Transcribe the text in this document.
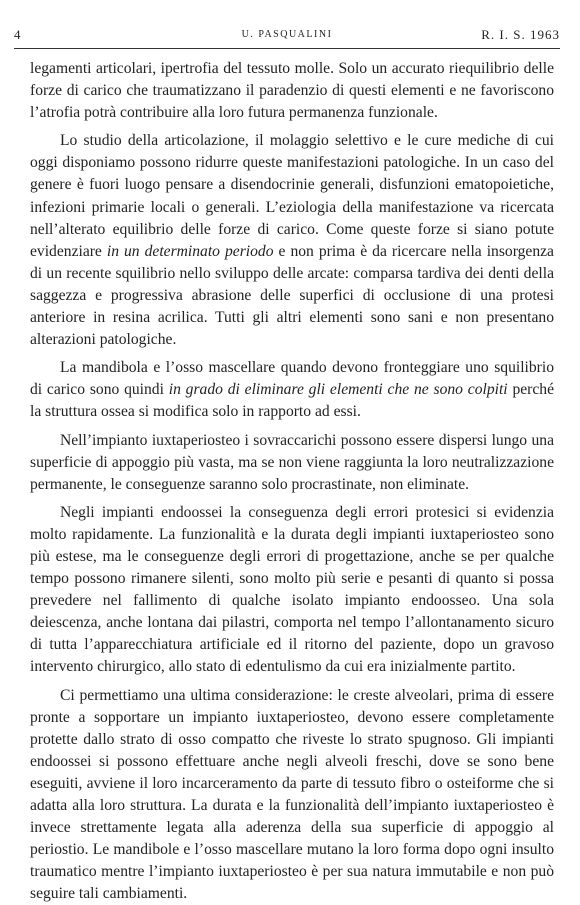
4	U. PASQUALINI	R. I. S. 1963

legamenti articolari, ipertrofia del tessuto molle. Solo un accurato riequilibrio delle forze di carico che traumatizzano il paradenzio di questi elementi e ne favoriscono l’atrofia potrà contribuire alla loro futura permanenza funzionale.

Lo studio della articolazione, il molaggio selettivo e le cure mediche di cui oggi disponiamo possono ridurre queste manifestazioni patologiche. In un caso del genere è fuori luogo pensare a disendocrinie generali, disfunzioni ematopoietiche, infezioni primarie locali o generali. L’eziologia della manifestazione va ricercata nell’alterato equilibrio delle forze di carico. Come queste forze si siano potute evidenziare in un determinato periodo e non prima è da ricercare nella insorgenza di un recente squilibrio nello sviluppo delle arcate: comparsa tardiva dei denti della saggezza e progressiva abrasione delle superfici di occlusione di una protesi anteriore in resina acrilica. Tutti gli altri elementi sono sani e non presentano alterazioni patologiche.

La mandibola e l’osso mascellare quando devono fronteggiare uno squilibrio di carico sono quindi in grado di eliminare gli elementi che ne sono colpiti perché la struttura ossea si modifica solo in rapporto ad essi.

Nell’impianto iuxtaperiosteo i sovraccarichi possono essere dispersi lungo una superficie di appoggio più vasta, ma se non viene raggiunta la loro neutralizzazione permanente, le conseguenze saranno solo procrastinate, non eliminate.

Negli impianti endoossei la conseguenza degli errori protesici si evidenzia molto rapidamente. La funzionalità e la durata degli impianti iuxtaperiosteo sono più estese, ma le conseguenze degli errori di progettazione, anche se per qualche tempo possono rimanere silenti, sono molto più serie e pesanti di quanto si possa prevedere nel fallimento di qualche isolato impianto endoosseo. Una sola deiescenza, anche lontana dai pilastri, comporta nel tempo l’allontanamento sicuro di tutta l’apparecchiatura artificiale ed il ritorno del paziente, dopo un gravoso intervento chirurgico, allo stato di edentulismo da cui era inizialmente partito.

Ci permettiamo una ultima considerazione: le creste alveolari, prima di essere pronte a sopportare un impianto iuxtaperiosteo, devono essere completamente protette dallo strato di osso compatto che riveste lo strato spugnoso. Gli impianti endoossei si possono effettuare anche negli alveoli freschi, dove se sono bene eseguiti, avviene il loro incarceramento da parte di tessuto fibro o osteiforme che si adatta alla loro struttura. La durata e la funzionalità dell’impianto iuxtaperiosteo è invece strettamente legata alla aderenza della sua superficie di appoggio al periostio. Le mandibole e l’osso mascellare mutano la loro forma dopo ogni insulto traumatico mentre l’impianto iuxtaperiosteo è per sua natura immutabile e non può seguire tali cambiamenti.
